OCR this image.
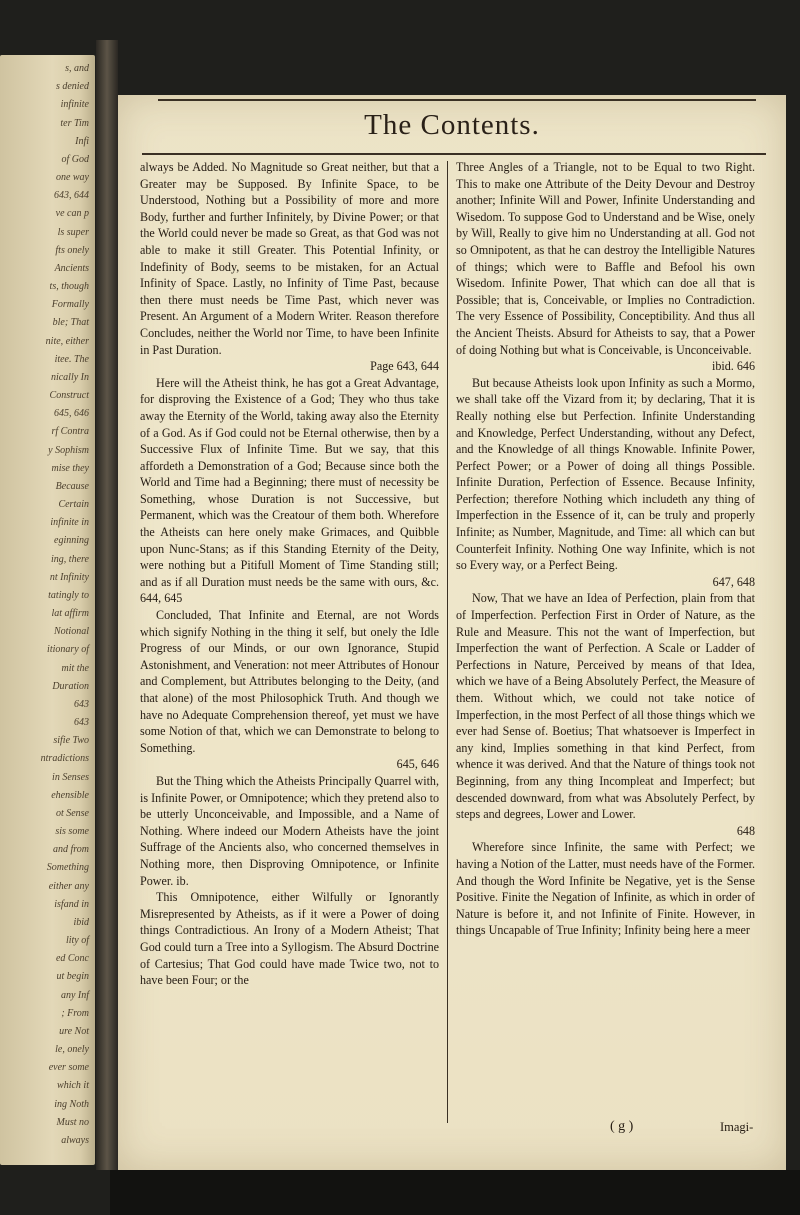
s, and
s denied
infinite
ter Tim
Infi
of God
one way
643, 644
ve can p
ls super
fts onely
Ancients
ts, though
Formally
ble; That
nite, either
itee. The
nically In
Construct
645, 646
rf Contra
y Sophism
mise they
Because
Certain
infinite in
eginning
ing, there
nt Infinity
tatingly to
lat affirm
Notional
itionary of
mit the
Duration
643
643
sifie Two
ntradictions
in Senses
ehensible
ot Sense
sis some
and from
Something
either any
isfand in
ibid
lity of
ed Conc
ut begin
any Inf
; From
ure Not
le, onely
ever some
which it
ing Noth
Must no
always
The Contents.

always be Added. No Magnitude so Great neither, but that a Greater may be Supposed. By Infinite Space, to be Understood, Nothing but a Possibility of more and more Body, further and further Infinitely, by Divine Power; or that the World could never be made so Great, as that God was not able to make it still Greater. This Potential Infinity, or Indefinity of Body, seems to be mistaken, for an Actual Infinity of Space. Lastly, no Infinity of Time Past, because then there must needs be Time Past, which never was Present. An Argument of a Modern Writer. Reason therefore Concludes, neither the World nor Time, to have been Infinite in Past Duration.

Page 643, 644

Here will the Atheist think, he has got a Great Advantage, for disproving the Existence of a God; They who thus take away the Eternity of the World, taking away also the Eternity of a God. As if God could not be Eternal otherwise, then by a Successive Flux of Infinite Time. But we say, that this affordeth a Demonstration of a God; Because since both the World and Time had a Beginning; there must of necessity be Something, whose Duration is not Successive, but Permanent, which was the Creatour of them both. Wherefore the Atheists can here onely make Grimaces, and Quibble upon Nunc-Stans; as if this Standing Eternity of the Deity, were nothing but a Pitifull Moment of Time Standing still; and as if all Duration must needs be the same with ours, &c. 644, 645

Concluded, That Infinite and Eternal, are not Words which signify Nothing in the thing it self, but onely the Idle Progress of our Minds, or our own Ignorance, Stupid Astonishment, and Veneration: not meer Attributes of Honour and Complement, but Attributes belonging to the Deity, (and that alone) of the most Philosophick Truth. And though we have no Adequate Comprehension thereof, yet must we have some Notion of that, which we can Demonstrate to belong to Something.

645, 646

But the Thing which the Atheists Principally Quarrel with, is Infinite Power, or Omnipotence; which they pretend also to be utterly Unconceivable, and Impossible, and a Name of Nothing. Where indeed our Modern Atheists have the joint Suffrage of the Ancients also, who concerned themselves in Nothing more, then Disproving Omnipotence, or Infinite Power. ib.

This Omnipotence, either Wilfully or Ignorantly Misrepresented by Atheists, as if it were a Power of doing things Contradictious. An Irony of a Modern Atheist; That God could turn a Tree into a Syllogism. The Absurd Doctrine of Cartesius; That God could have made Twice two, not to have been Four; or the

Three Angles of a Triangle, not to be Equal to two Right. This to make one Attribute of the Deity Devour and Destroy another; Infinite Will and Power, Infinite Understanding and Wisedom. To suppose God to Understand and be Wise, onely by Will, Really to give him no Understanding at all. God not so Omnipotent, as that he can destroy the Intelligible Natures of things; which were to Baffle and Befool his own Wisedom. Infinite Power, That which can doe all that is Possible; that is, Conceivable, or Implies no Contradiction. The very Essence of Possibility, Conceptibility. And thus all the Ancient Theists. Absurd for Atheists to say, that a Power of doing Nothing but what is Conceivable, is Unconceivable.

ibid. 646

But because Atheists look upon Infinity as such a Mormo, we shall take off the Vizard from it; by declaring, That it is Really nothing else but Perfection. Infinite Understanding and Knowledge, Perfect Understanding, without any Defect, and the Knowledge of all things Knowable. Infinite Power, Perfect Power; or a Power of doing all things Possible. Infinite Duration, Perfection of Essence. Because Infinity, Perfection; therefore Nothing which includeth any thing of Imperfection in the Essence of it, can be truly and properly Infinite; as Number, Magnitude, and Time: all which can but Counterfeit Infinity. Nothing One way Infinite, which is not so Every way, or a Perfect Being.

647, 648

Now, That we have an Idea of Perfection, plain from that of Imperfection. Perfection First in Order of Nature, as the Rule and Measure. This not the want of Imperfection, but Imperfection the want of Perfection. A Scale or Ladder of Perfections in Nature, Perceived by means of that Idea, which we have of a Being Absolutely Perfect, the Measure of them. Without which, we could not take notice of Imperfection, in the most Perfect of all those things which we ever had Sense of. Boetius; That whatsoever is Imperfect in any kind, Implies something in that kind Perfect, from whence it was derived. And that the Nature of things took not Beginning, from any thing Incompleat and Imperfect; but descended downward, from what was Absolutely Perfect, by steps and degrees, Lower and Lower.

648

Wherefore since Infinite, the same with Perfect; we having a Notion of the Latter, must needs have of the Former. And though the Word Infinite be Negative, yet is the Sense Positive. Finite the Negation of Infinite, as which in order of Nature is before it, and not Infinite of Finite. However, in things Uncapable of True Infinity; Infinity being here a meer

( g )	Imagi-
